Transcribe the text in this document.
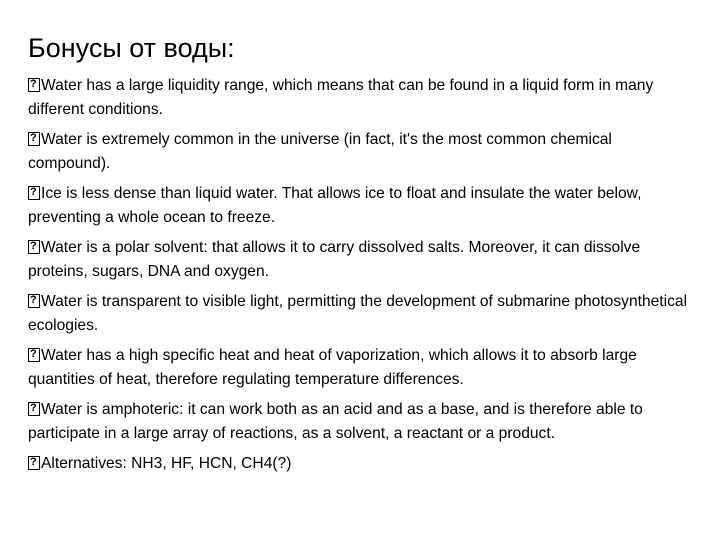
Бонусы от воды:
?Water has a large liquidity range, which means that can be found in a liquid form in many different conditions.
?Water is extremely common in the universe (in fact, it's the most common chemical compound).
?Ice is less dense than liquid water. That allows ice to float and insulate the water below, preventing a whole ocean to freeze.
?Water is a polar solvent: that allows it to carry dissolved salts. Moreover, it can dissolve proteins, sugars, DNA and oxygen.
?Water is transparent to visible light, permitting the development of submarine photosynthetical ecologies.
?Water has a high specific heat and heat of vaporization, which allows it to absorb large quantities of heat, therefore regulating temperature differences.
?Water is amphoteric: it can work both as an acid and as a base, and is therefore able to participate in a large array of reactions, as a solvent, a reactant or a product.
?Alternatives: NH3, HF, HCN, CH4(?)
